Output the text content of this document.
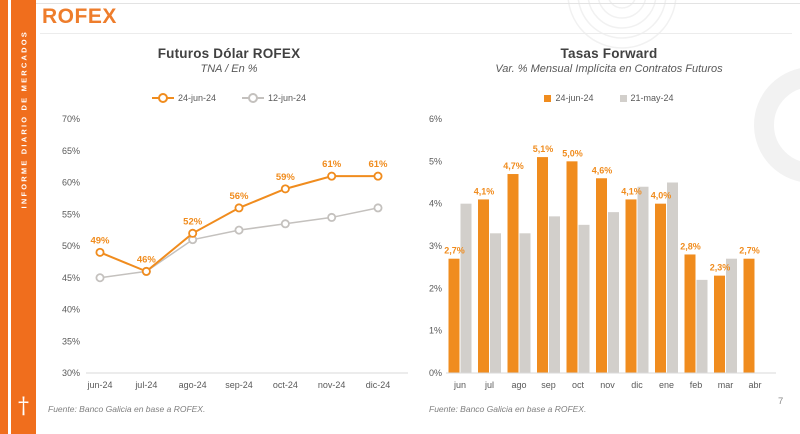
INFORME DIARIO DE MERCADOS
†
ROFEX
Futuros Dólar ROFEX
TNA / En %
24-jun-24	12-jun-24
70%
65%
60%
55%
50%
45%
40%
35%
30%
jun-24	jul-24 ago-24 sep-24 oct-24 nov-24 dic-24
49%
46%
52%
56%
59%
61%	61%
Fuente: Banco Galicia en base a ROFEX.
Tasas Forward
Var. % Mensual Implícita en Contratos Futuros
24-jun-24	21-may-24
6%
5%
4%
3%
2%
1%
0%
2,7%
jun
4,1%
jul
4,7%
ago
5,1%
sep
5,0%
oct
4,6%
nov
4,1%
dic
4,0%
ene
2,8%
feb
2,3%
mar
2,7%
abr
Fuente: Banco Galicia en base a ROFEX.
7
